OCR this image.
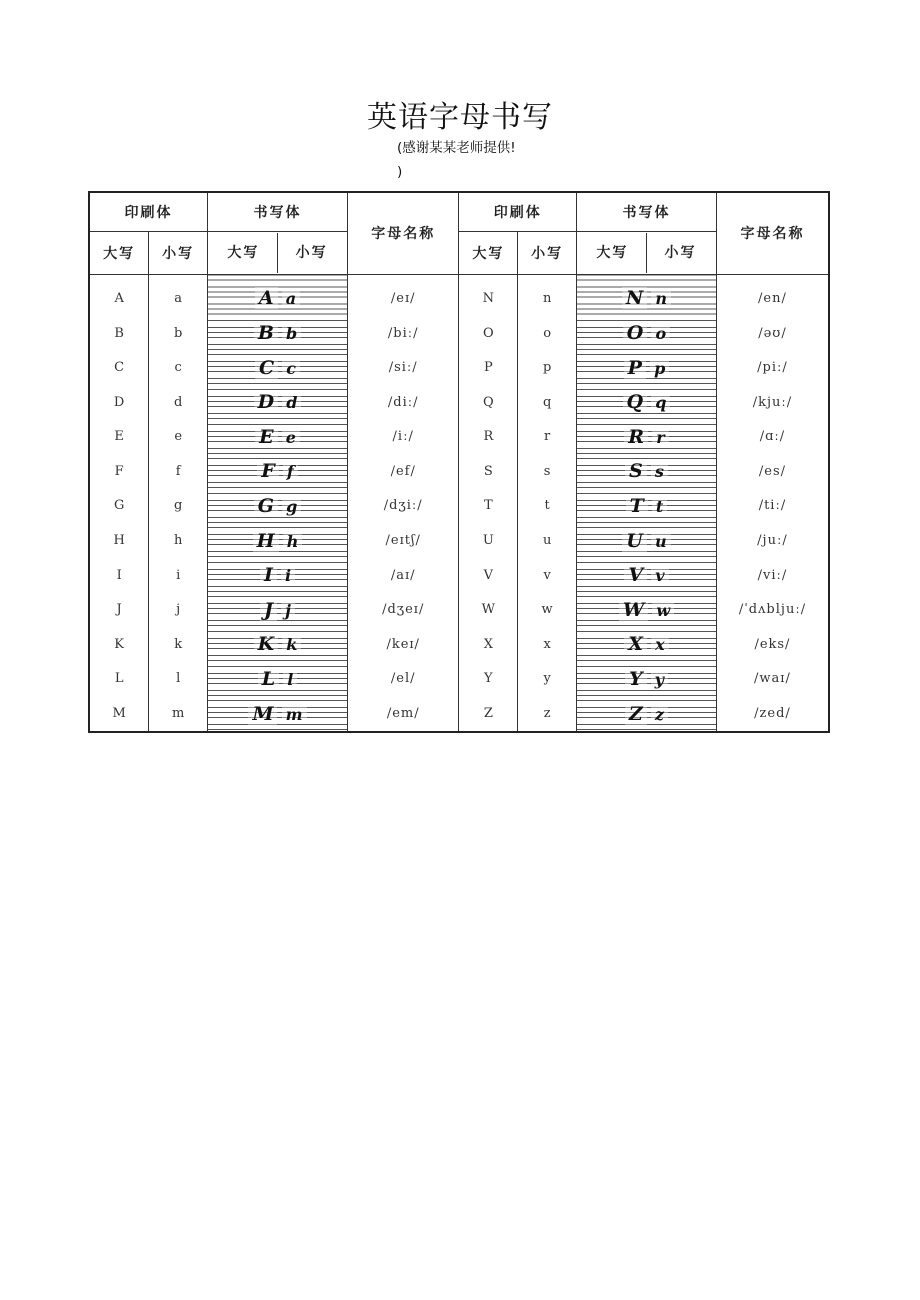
英语字母书写
(感谢某某老师提供!
)
印刷体		书写体	字母名称	印刷体		书写体	字母名称
大写	小写	大写 小写		大写	小写	大写 小写	
A	a	A a	/eɪ/	N	n	N n	/en/
B	b	B b	/biː/	O	o	O o	/əʊ/
C	c	C c	/siː/	P	p	P p	/piː/
D	d	D d	/diː/	Q	q	Q q	/kjuː/
E	e	E e	/iː/	R	r	R r	/ɑː/
F	f	F f	/ef/	S	s	S s	/es/
G	g	G g	/dʒiː/	T	t	T t	/tiː/
H	h	H h	/eɪtʃ/	U	u	U u	/juː/
I	i	I i	/aɪ/	V	v	V v	/viː/
J	j	J j	/dʒeɪ/	W	w	W w	/ˈdʌbljuː/
K	k	K k	/keɪ/	X	x	X x	/eks/
L	l	L l	/el/	Y	y	Y y	/waɪ/
M	m	M m	/em/	Z	z	Z z	/zed/
